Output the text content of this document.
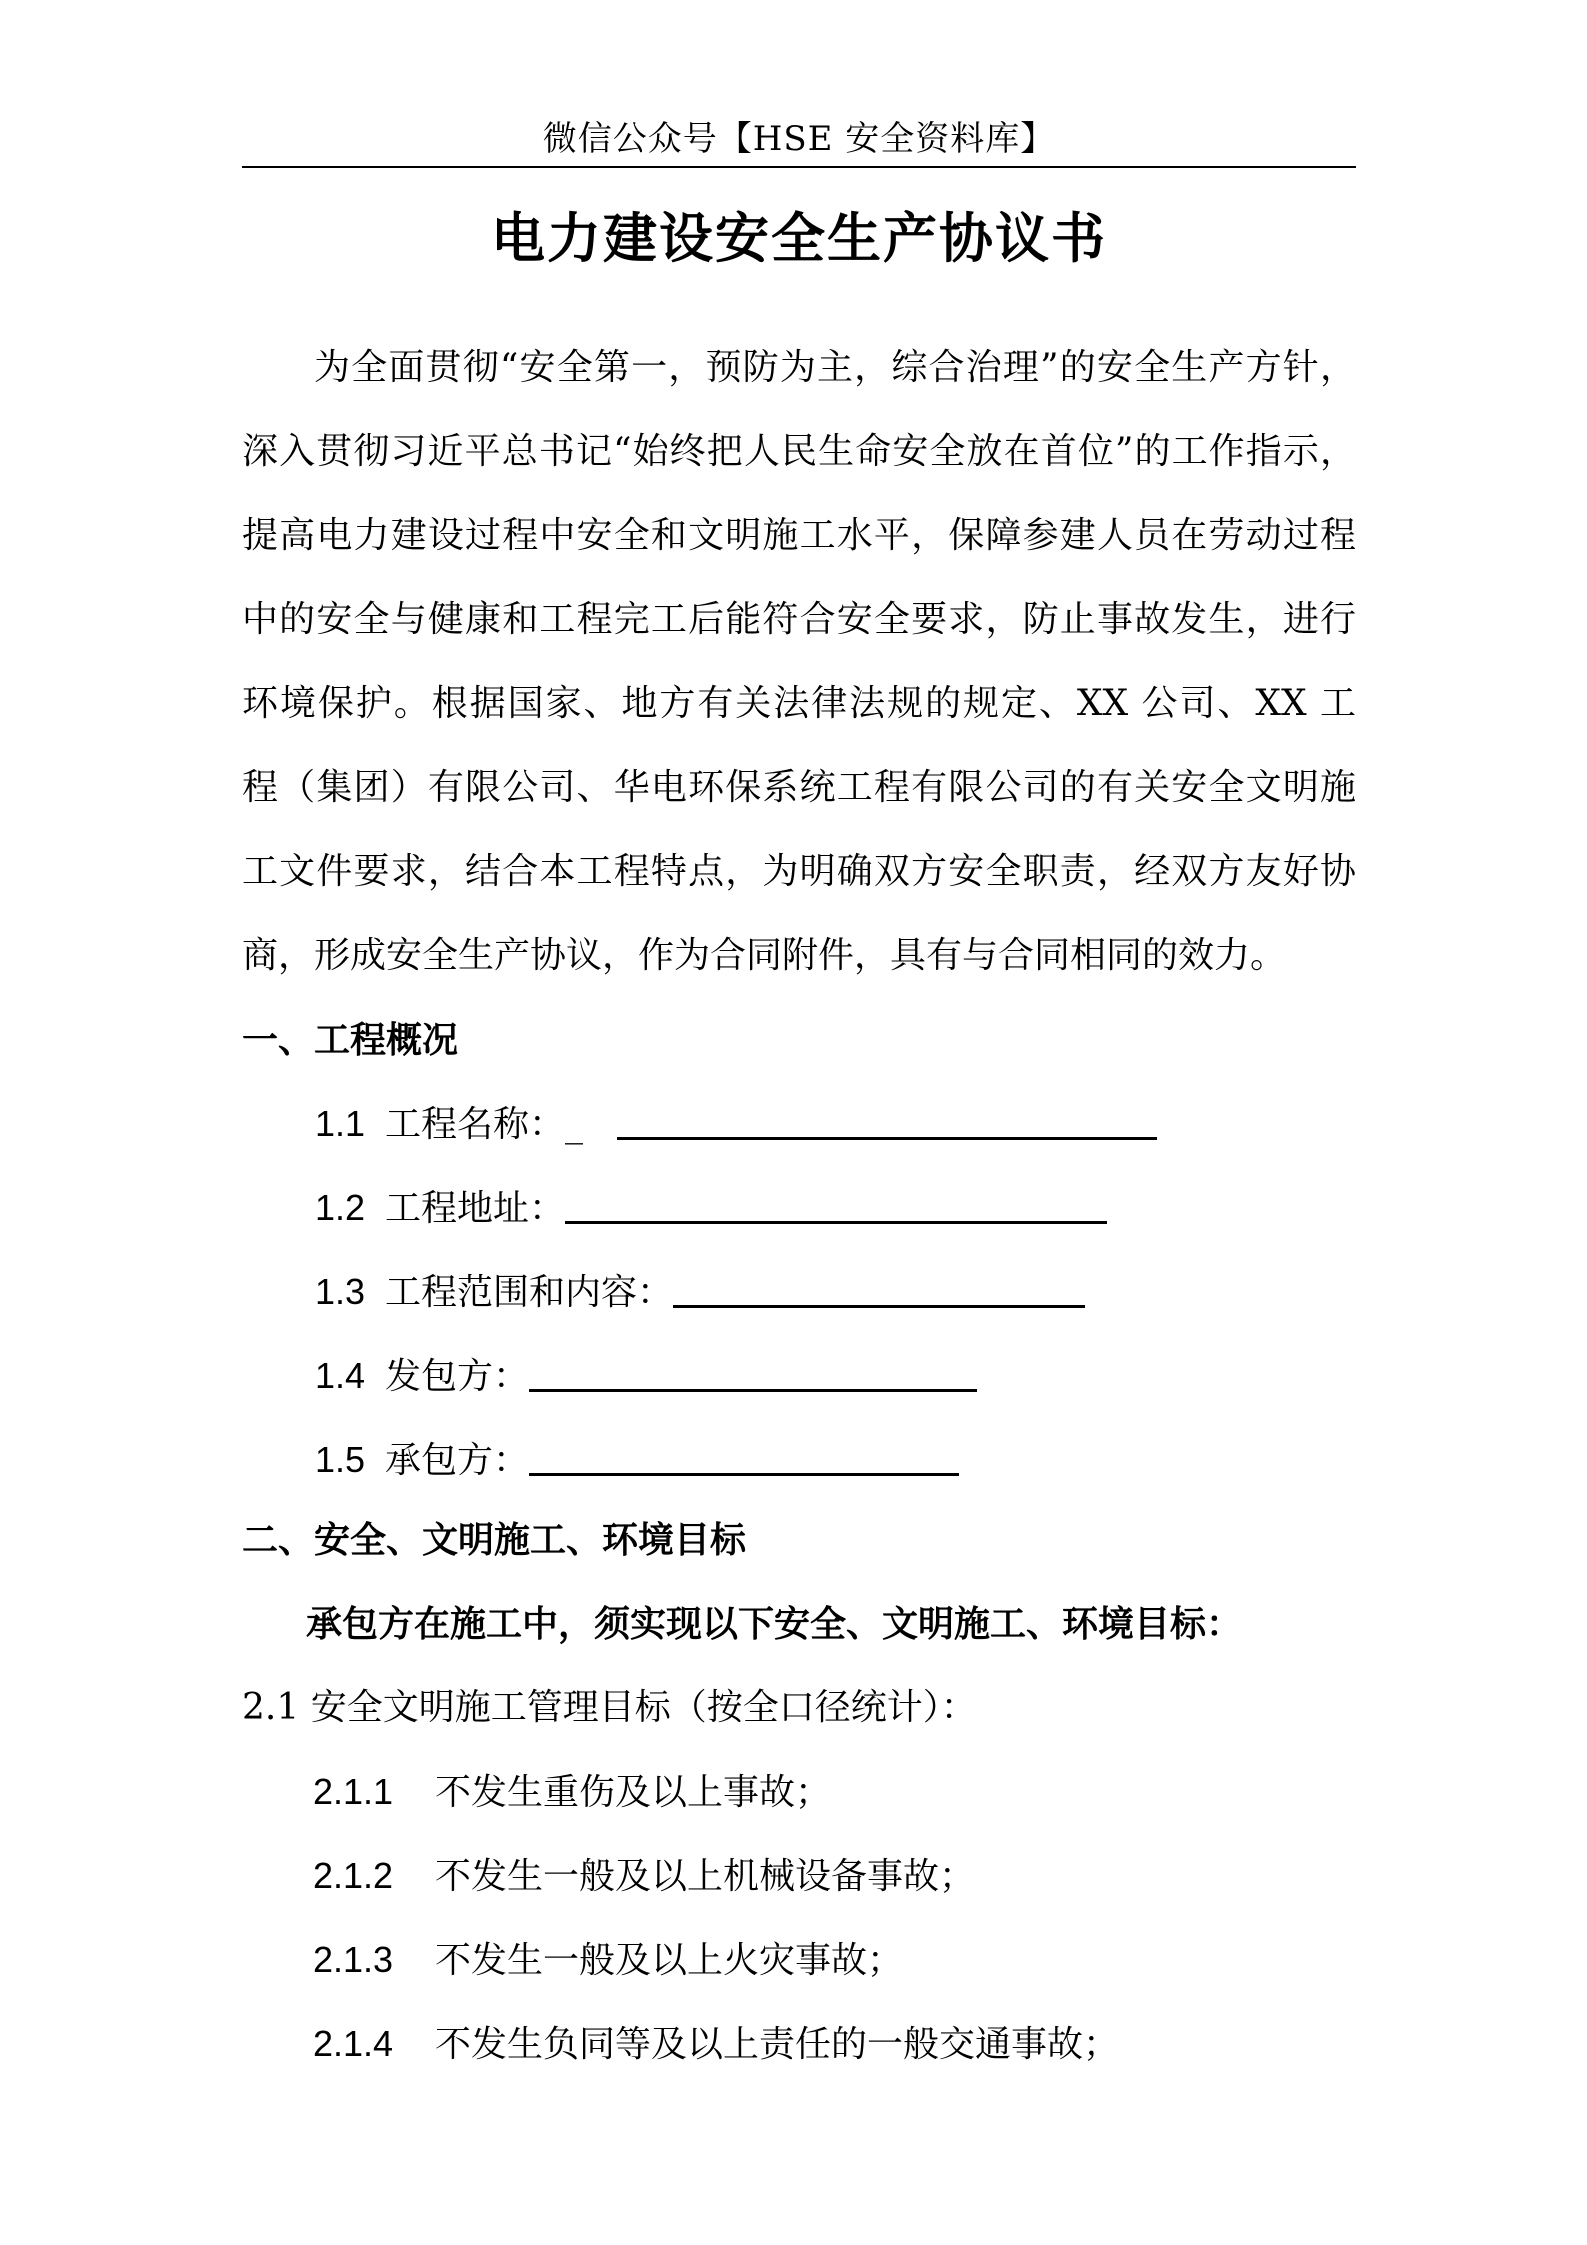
微信公众号【HSE 安全资料库】
电力建设安全生产协议书
为全面贯彻“安全第一，预防为主，综合治理”的安全生产方针，
深入贯彻习近平总书记“始终把人民生命安全放在首位”的工作指示，
提高电力建设过程中安全和文明施工水平，保障参建人员在劳动过程
中的安全与健康和工程完工后能符合安全要求，防止事故发生，进行
环境保护。根据国家、地方有关法律法规的规定、XX 公司、XX 工
程（集团）有限公司、华电环保系统工程有限公司的有关安全文明施
工文件要求，结合本工程特点，为明确双方安全职责，经双方友好协
商，形成安全生产协议，作为合同附件，具有与合同相同的效力。
一、工程概况
1.1 工程名称：_
1.2 工程地址：
1.3 工程范围和内容：
1.4 发包方：
1.5 承包方：
二、安全、文明施工、环境目标
承包方在施工中，须实现以下安全、文明施工、环境目标：
2.1 安全文明施工管理目标（按全口径统计）：
2.1.1 不发生重伤及以上事故；
2.1.2 不发生一般及以上机械设备事故；
2.1.3 不发生一般及以上火灾事故；
2.1.4 不发生负同等及以上责任的一般交通事故；
